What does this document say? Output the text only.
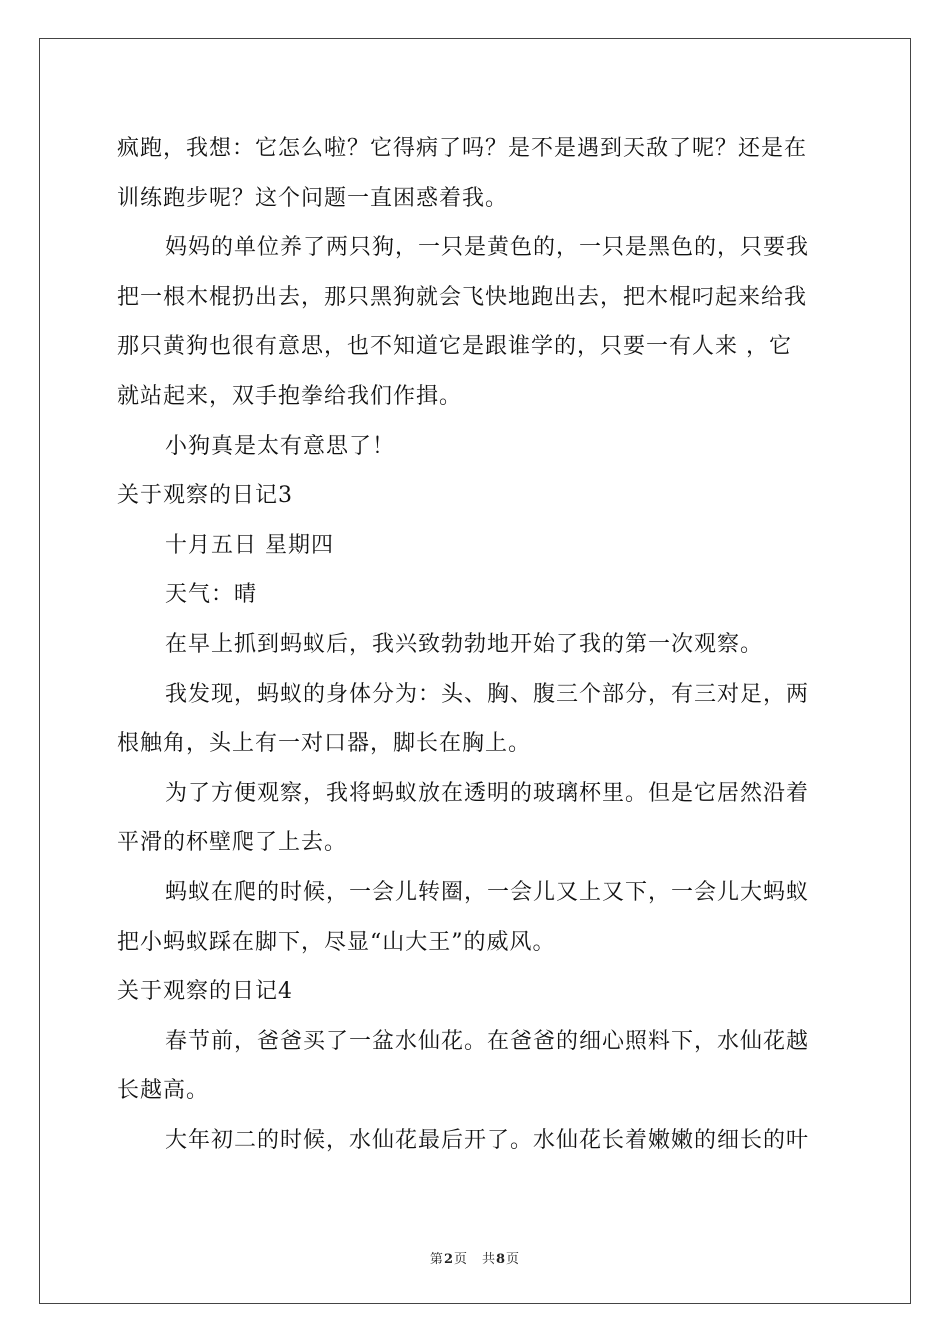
疯跑，我想：它怎么啦？它得病了吗？是不是遇到天敌了呢？还是在
训练跑步呢？这个问题一直困惑着我。
妈妈的单位养了两只狗，一只是黄色的，一只是黑色的，只要我
把一根木棍扔出去，那只黑狗就会飞快地跑出去，把木棍叼起来给我
那只黄狗也很有意思，也不知道它是跟谁学的，只要一有人来 ，它
就站起来，双手抱拳给我们作揖。
小狗真是太有意思了！
关于观察的日记3
十月五日 星期四
天气：晴
在早上抓到蚂蚁后，我兴致勃勃地开始了我的第一次观察。
我发现，蚂蚁的身体分为：头、胸、腹三个部分，有三对足，两
根触角，头上有一对口器，脚长在胸上。
为了方便观察，我将蚂蚁放在透明的玻璃杯里。但是它居然沿着
平滑的杯壁爬了上去。
蚂蚁在爬的时候，一会儿转圈，一会儿又上又下，一会儿大蚂蚁
把小蚂蚁踩在脚下，尽显“山大王”的威风。
关于观察的日记4
春节前，爸爸买了一盆水仙花。在爸爸的细心照料下，水仙花越
长越高。
大年初二的时候，水仙花最后开了。水仙花长着嫩嫩的细长的叶
第2页　共8页
